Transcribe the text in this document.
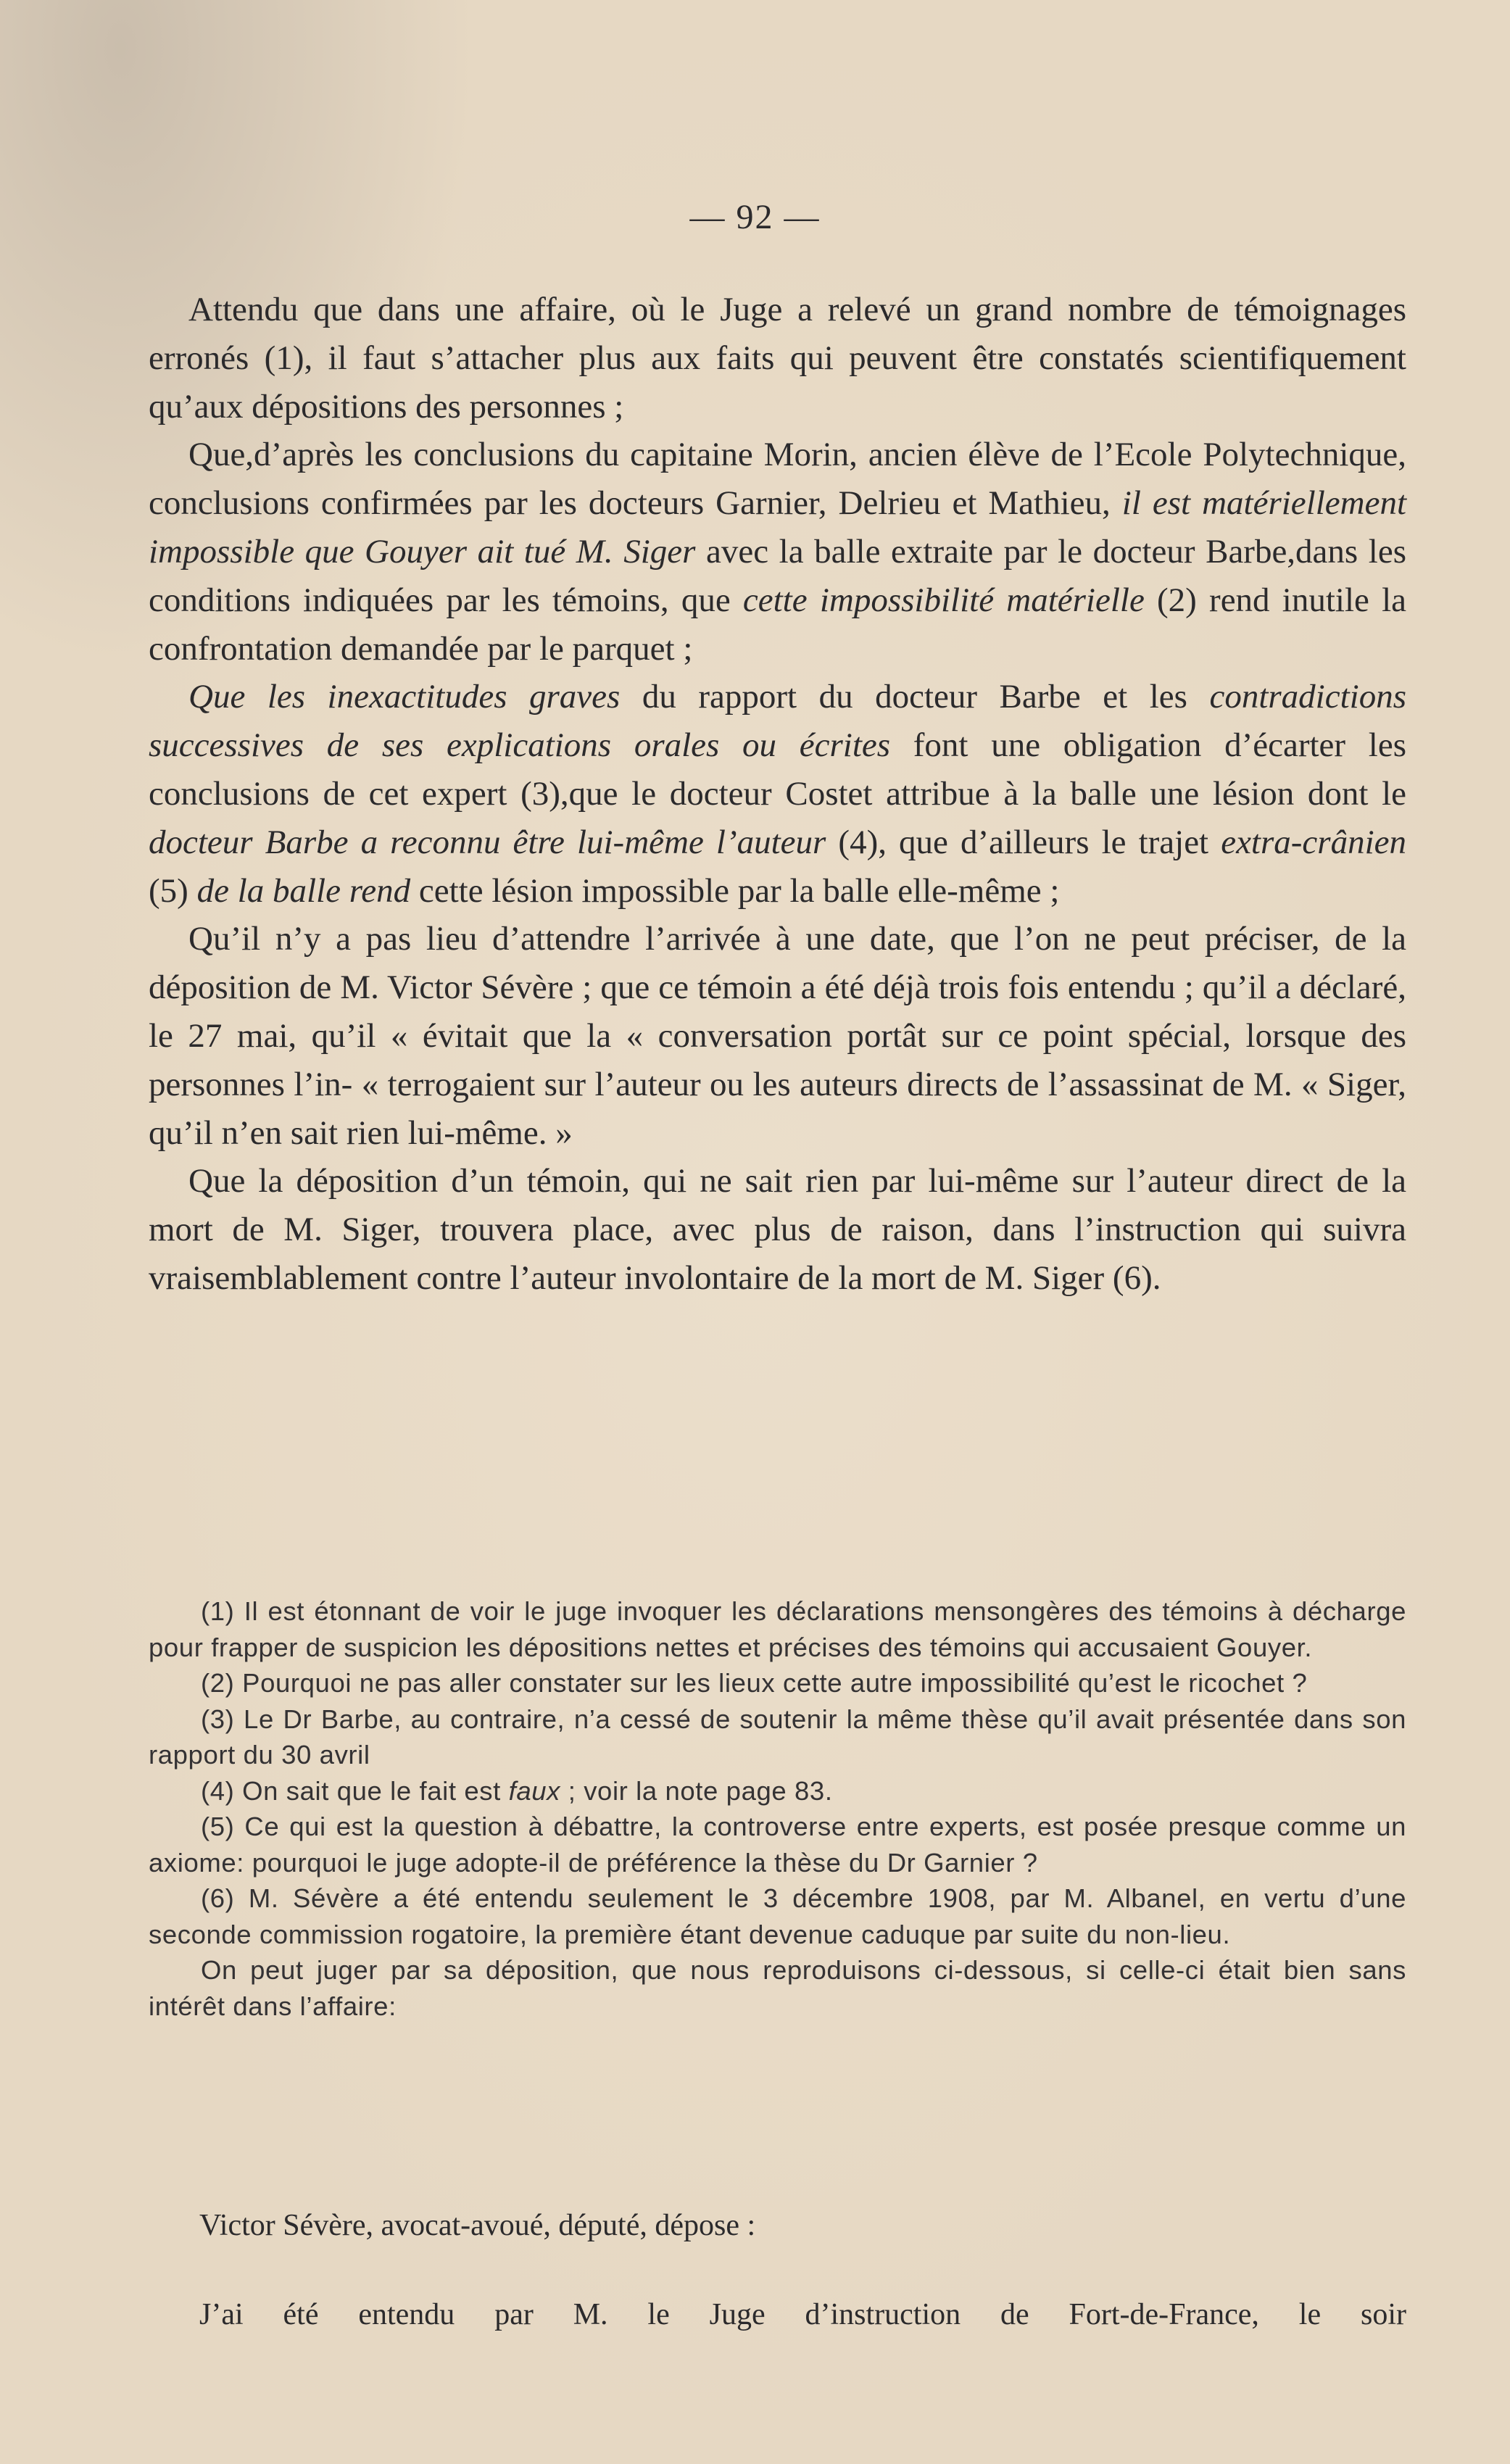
— 92 —

Attendu que dans une affaire, où le Juge a relevé un grand nombre de témoignages erronés (1), il faut s’attacher plus aux faits qui peuvent être constatés scientifiquement qu’aux dépositions des personnes ;

Que,d’après les conclusions du capitaine Morin, ancien élève de l’Ecole Polytechnique, conclusions confirmées par les docteurs Garnier, Delrieu et Mathieu, il est matériellement impossible que Gouyer ait tué M. Siger avec la balle extraite par le docteur Barbe,dans les conditions indiquées par les témoins, que cette impossibilité matérielle (2) rend inutile la confrontation demandée par le parquet ;

Que les inexactitudes graves du rapport du docteur Barbe et les contradictions successives de ses explications orales ou écrites font une obligation d’écarter les conclusions de cet expert (3),que le docteur Costet attribue à la balle une lésion dont le docteur Barbe a reconnu être lui-même l’auteur (4), que d’ailleurs le trajet extra-crânien (5) de la balle rend cette lésion impossible par la balle elle-même ;

Qu’il n’y a pas lieu d’attendre l’arrivée à une date, que l’on ne peut préciser, de la déposition de M. Victor Sévère ; que ce témoin a été déjà trois fois entendu ; qu’il a déclaré, le 27 mai, qu’il « évitait que la « conversation portât sur ce point spécial, lorsque des personnes l’in- « terrogaient sur l’auteur ou les auteurs directs de l’assassinat de M. « Siger, qu’il n’en sait rien lui-même. »

Que la déposition d’un témoin, qui ne sait rien par lui-même sur l’auteur direct de la mort de M. Siger, trouvera place, avec plus de raison, dans l’instruction qui suivra vraisemblablement contre l’auteur involontaire de la mort de M. Siger (6).

(1) Il est étonnant de voir le juge invoquer les déclarations mensongères des témoins à décharge pour frapper de suspicion les dépositions nettes et précises des témoins qui accusaient Gouyer.

(2) Pourquoi ne pas aller constater sur les lieux cette autre impossibilité qu’est le ricochet ?

(3) Le Dr Barbe, au contraire, n’a cessé de soutenir la même thèse qu’il avait présentée dans son rapport du 30 avril

(4) On sait que le fait est faux ; voir la note page 83.

(5) Ce qui est la question à débattre, la controverse entre experts, est posée presque comme un axiome: pourquoi le juge adopte-il de préférence la thèse du Dr Garnier ?

(6) M. Sévère a été entendu seulement le 3 décembre 1908, par M. Albanel, en vertu d’une seconde commission rogatoire, la première étant devenue caduque par suite du non-lieu.

On peut juger par sa déposition, que nous reproduisons ci-dessous, si celle-ci était bien sans intérêt dans l’affaire:

Victor Sévère, avocat-avoué, député, dépose :

J’ai été entendu par M. le Juge d’instruction de Fort-de-France, le soir
